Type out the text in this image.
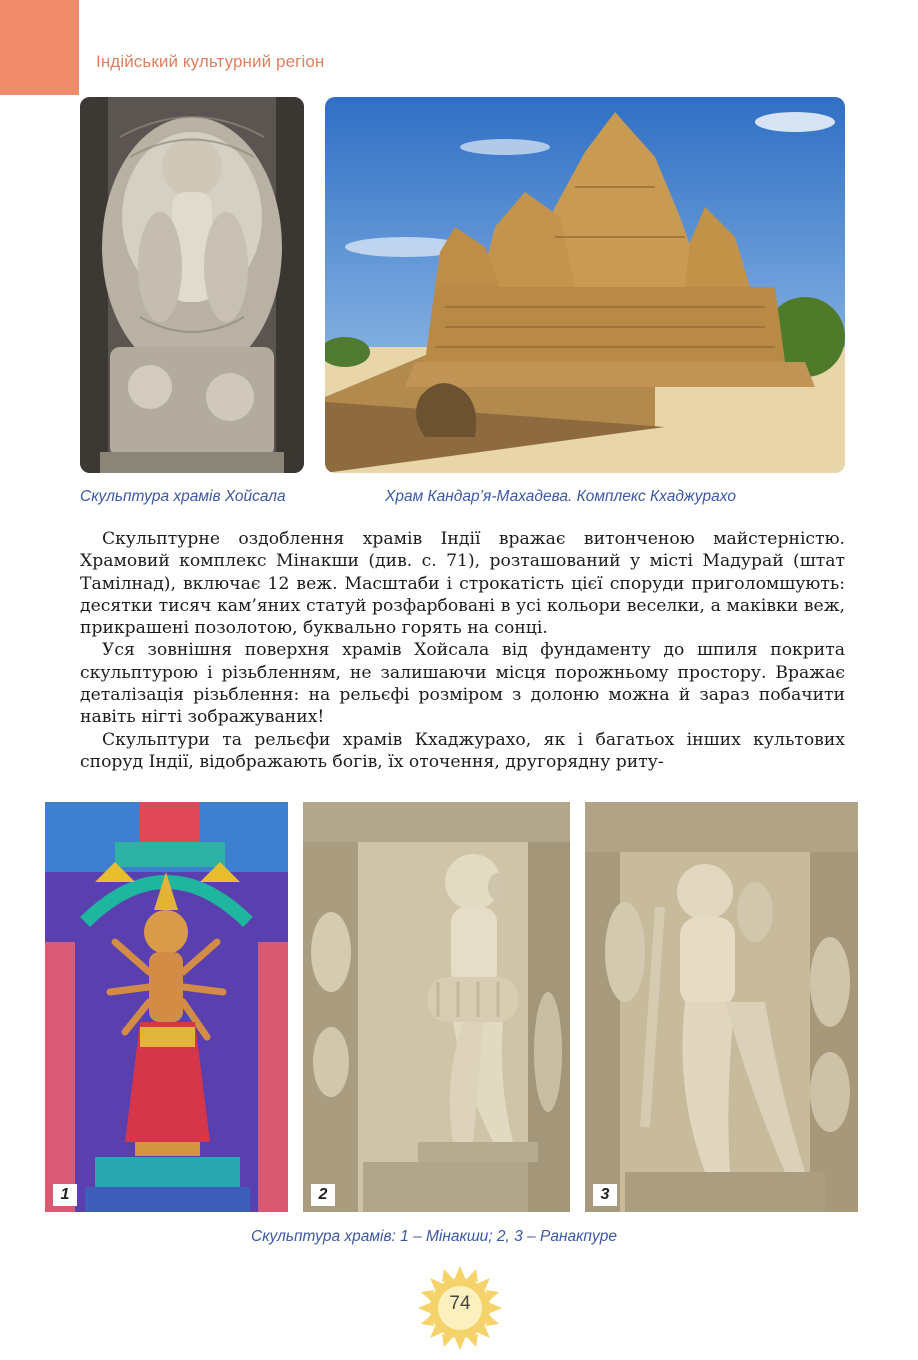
Індійський культурний регіон
Скульптура храмів Хойсала	Храм Кандар’я-Махадева. Комплекс Кхаджурахо

Скульптурне оздоблення храмів Індії вражає витонченою майстерністю. Храмовий комплекс Мінакши (див. с. 71), розташований у місті Мадурай (штат Тамілнад), включає 12 веж. Масштаби і строкатість цієї споруди приголомшують: десятки тисяч кам’яних статуй розфарбовані в усі кольори веселки, а маківки веж, прикрашені позолотою, буквально горять на сонці.

Уся зовнішня поверхня храмів Хойсала від фундаменту до шпиля покрита скульптурою і різьбленням, не залишаючи місця порожньому простору. Вражає деталізація різьблення: на рельєфі розміром з долоню можна й зараз побачити навіть нігті зображуваних!

Скульптури та рельєфи храмів Кхаджурахо, як і багатьох інших культових споруд Індії, відображають богів, їх оточення, другорядну риту-

1	2	3
Скульптура храмів: 1 – Мінакши; 2, 3 – Ранакпуре
74
